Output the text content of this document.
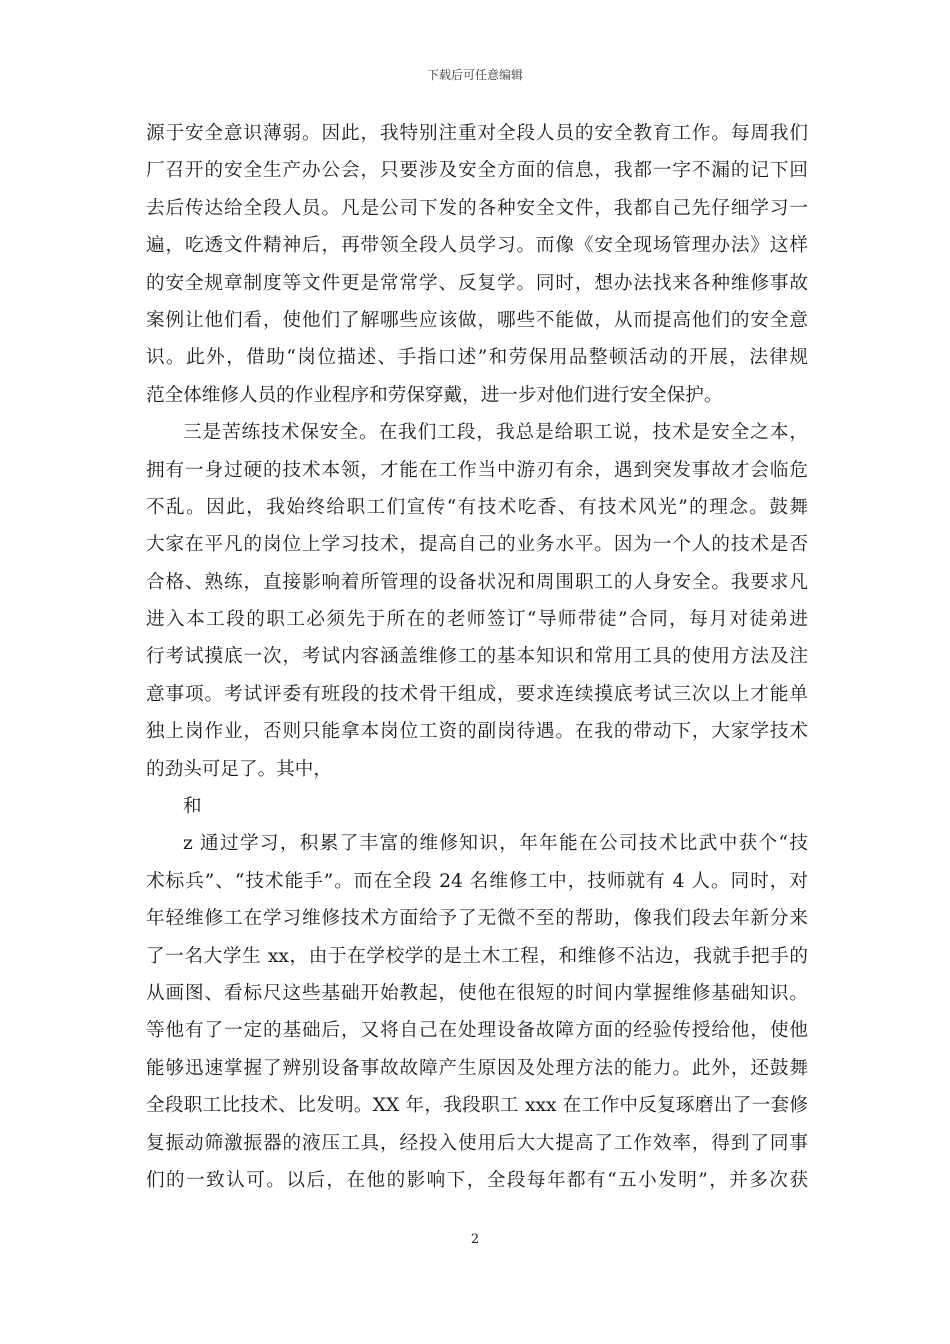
下载后可任意编辑
源于安全意识薄弱。因此，我特别注重对全段人员的安全教育工作。每周我们
厂召开的安全生产办公会，只要涉及安全方面的信息，我都一字不漏的记下回
去后传达给全段人员。凡是公司下发的各种安全文件，我都自己先仔细学习一
遍，吃透文件精神后，再带领全段人员学习。而像《安全现场管理办法》这样
的安全规章制度等文件更是常常学、反复学。同时，想办法找来各种维修事故
案例让他们看，使他们了解哪些应该做，哪些不能做，从而提高他们的安全意
识。此外，借助“岗位描述、手指口述”和劳保用品整顿活动的开展，法律规
范全体维修人员的作业程序和劳保穿戴，进一步对他们进行安全保护。
三是苦练技术保安全。在我们工段，我总是给职工说，技术是安全之本，
拥有一身过硬的技术本领，才能在工作当中游刃有余，遇到突发事故才会临危
不乱。因此，我始终给职工们宣传“有技术吃香、有技术风光”的理念。鼓舞
大家在平凡的岗位上学习技术，提高自己的业务水平。因为一个人的技术是否
合格、熟练，直接影响着所管理的设备状况和周围职工的人身安全。我要求凡
进入本工段的职工必须先于所在的老师签订“导师带徒”合同，每月对徒弟进
行考试摸底一次，考试内容涵盖维修工的基本知识和常用工具的使用方法及注
意事项。考试评委有班段的技术骨干组成，要求连续摸底考试三次以上才能单
独上岗作业，否则只能拿本岗位工资的副岗待遇。在我的带动下，大家学技术
的劲头可足了。其中，
和
z 通过学习，积累了丰富的维修知识，年年能在公司技术比武中获个“技
术标兵”、“技术能手”。而在全段 24 名维修工中，技师就有 4 人。同时，对
年轻维修工在学习维修技术方面给予了无微不至的帮助，像我们段去年新分来
了一名大学生 xx，由于在学校学的是土木工程，和维修不沾边，我就手把手的
从画图、看标尺这些基础开始教起，使他在很短的时间内掌握维修基础知识。
等他有了一定的基础后，又将自己在处理设备故障方面的经验传授给他，使他
能够迅速掌握了辨别设备事故故障产生原因及处理方法的能力。此外，还鼓舞
全段职工比技术、比发明。XX 年，我段职工 xxx 在工作中反复琢磨出了一套修
复振动筛激振器的液压工具，经投入使用后大大提高了工作效率，得到了同事
们的一致认可。以后，在他的影响下，全段每年都有“五小发明”，并多次获
2
